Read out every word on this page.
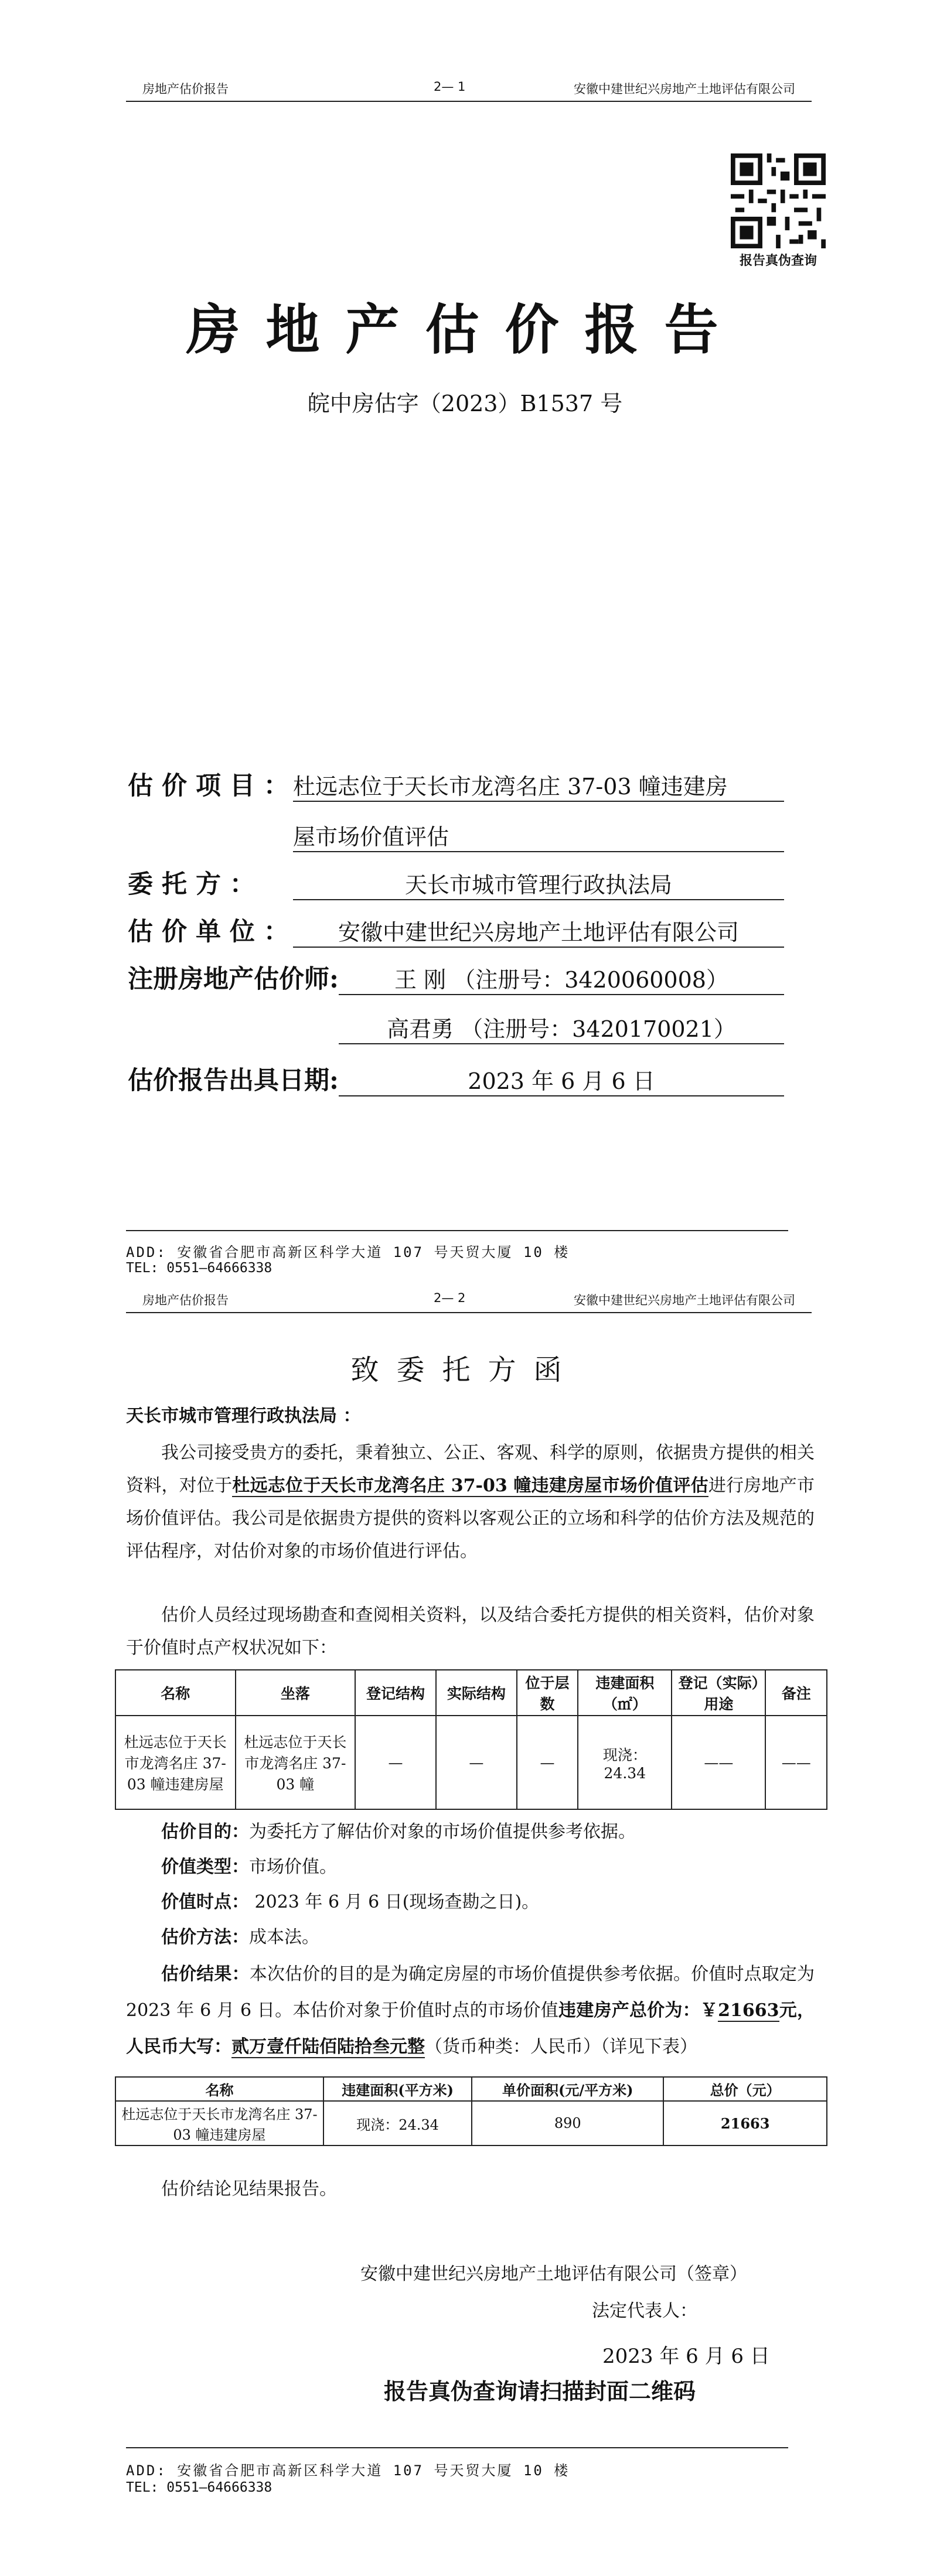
房地产估价报告	2— 1	安徽中建世纪兴房地产土地评估有限公司
报告真伪查询
房地产估价报告
皖中房估字（2023）B1537 号
估 价 项 目 ： 杜远志位于天长市龙湾名庄 37-03 幢违建房
屋市场价值评估
委 托 方 ：	天长市城市管理行政执法局
估 价 单 位 ：	安徽中建世纪兴房地产土地评估有限公司
注册房地产估价师:	王 刚 （注册号：3420060008）
高君勇 （注册号：3420170021）
估价报告出具日期:	2023 年 6 月 6 日
ADD: 安徽省合肥市高新区科学大道 107 号天贸大厦 10 楼
TEL: 0551—64666338
房地产估价报告	2— 2	安徽中建世纪兴房地产土地评估有限公司
致委托方函
天长市城市管理行政执法局 ：
我公司接受贵方的委托，秉着独立、公正、客观、科学的原则，依据贵方提供的相关资料，对位于杜远志位于天长市龙湾名庄 37-03 幢违建房屋市场价值评估进行房地产市场价值评估。我公司是依据贵方提供的资料以客观公正的立场和科学的估价方法及规范的评估程序，对估价对象的市场价值进行评估。
估价人员经过现场勘查和查阅相关资料，以及结合委托方提供的相关资料，估价对象于价值时点产权状况如下：
名称	坐落	登记结构	实际结构	位于层数	违建面积（㎡）	登记（实际）用途	备注
杜远志位于天长市龙湾名庄 37-03 幢违建房屋	杜远志位于天长市龙湾名庄 37-03 幢	—	—	—	现浇：24.34	——	——
估价目的：为委托方了解估价对象的市场价值提供参考依据。
价值类型：市场价值。
价值时点： 2023 年 6 月 6 日(现场查勘之日)。
估价方法：成本法。
估价结果：本次估价的目的是为确定房屋的市场价值提供参考依据。价值时点取定为 2023 年 6 月 6 日。本估价对象于价值时点的市场价值违建房产总价为：￥21663元，人民币大写：贰万壹仟陆佰陆拾叁元整（货币种类：人民币）（详见下表）
名称	违建面积(平方米)	单价面积(元/平方米)	总价（元）
杜远志位于天长市龙湾名庄 37-03 幢违建房屋	现浇：24.34	890	21663
估价结论见结果报告。
安徽中建世纪兴房地产土地评估有限公司（签章）
法定代表人：
2023 年 6 月 6 日
报告真伪查询请扫描封面二维码
ADD: 安徽省合肥市高新区科学大道 107 号天贸大厦 10 楼
TEL: 0551—64666338
